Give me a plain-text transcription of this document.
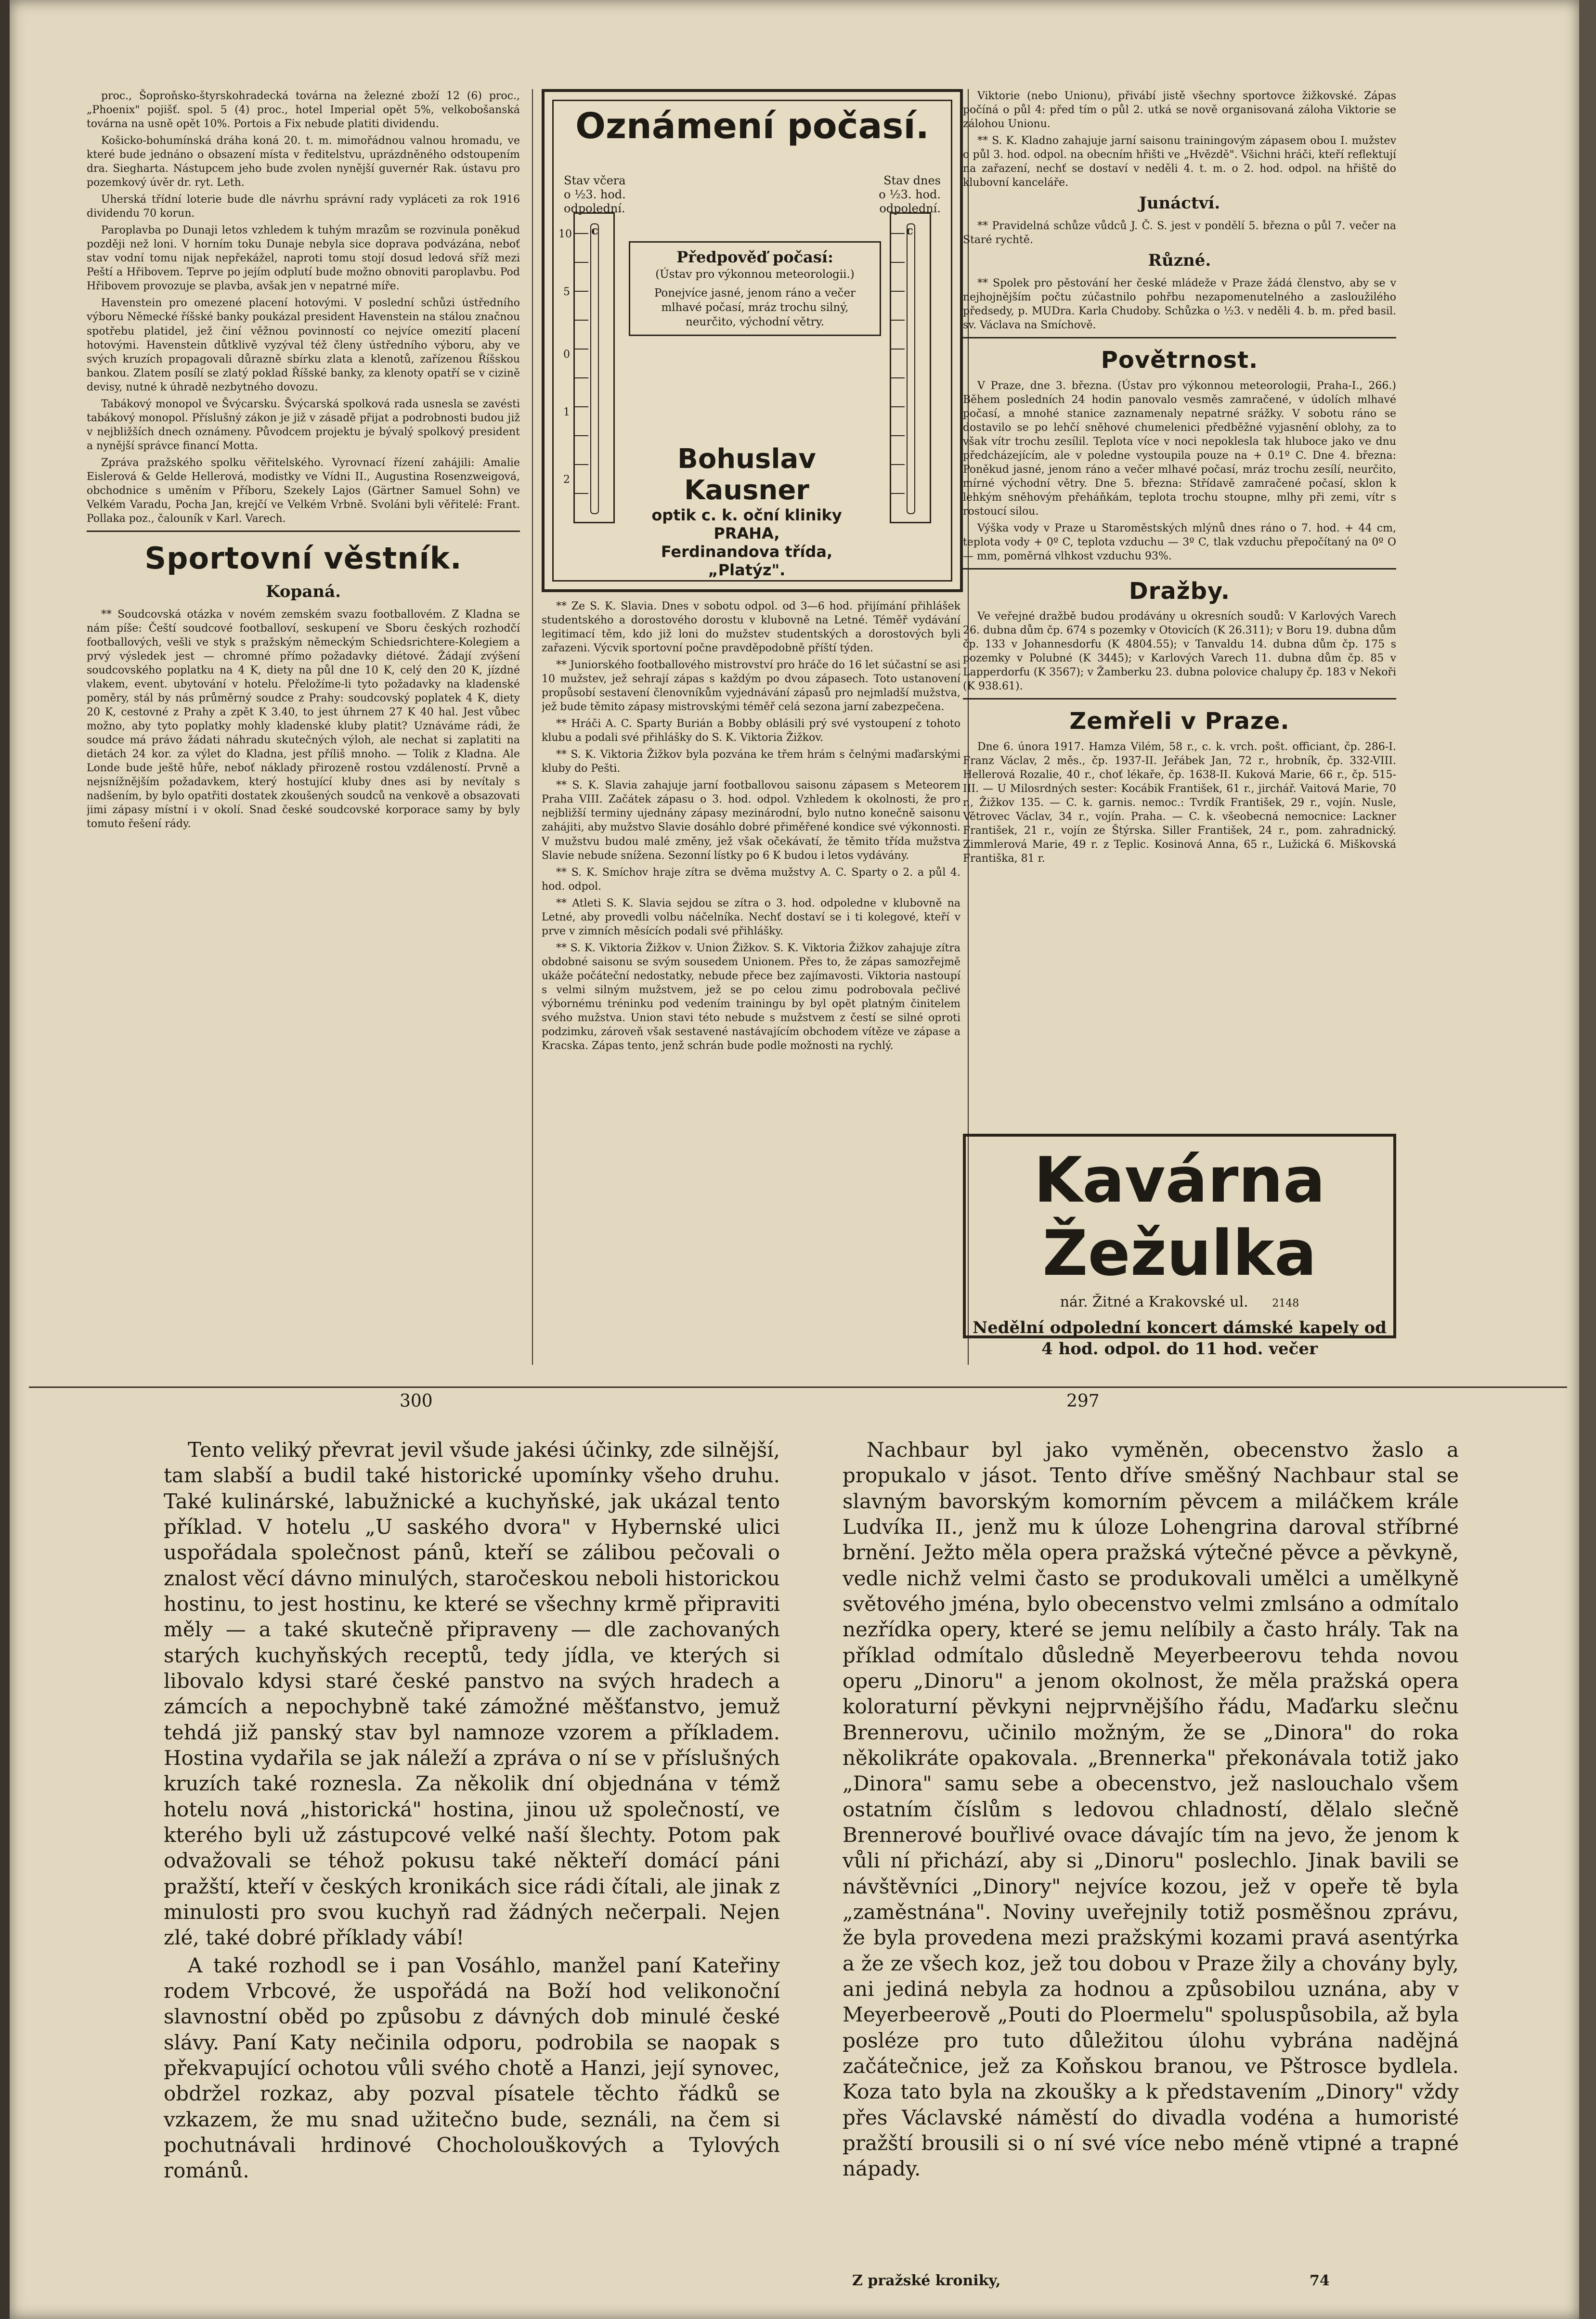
proc., Šoproňsko-štyrskohradecká továrna na železné zboží 12 (6) proc., „Phoenix" pojišť. spol. 5 (4) proc., hotel Imperial opět 5%, velkobošanská továrna na usně opět 10%. Portois a Fix nebude platiti dividendu.

Košicko-bohumínská dráha koná 20. t. m. mimořádnou valnou hromadu, ve které bude jednáno o obsazení místa v ředitelstvu, uprázdněného odstoupením dra. Siegharta. Nástupcem jeho bude zvolen nynější guvernér Rak. ústavu pro pozemkový úvěr dr. ryt. Leth.

Uherská třídní loterie bude dle návrhu správní rady vypláceti za rok 1916 dividendu 70 korun.

Paroplavba po Dunaji letos vzhledem k tuhým mrazům se rozvinula poněkud později než loni. V horním toku Dunaje nebyla sice doprava podvázána, neboť stav vodní tomu nijak nepřekážel, naproti tomu stojí dosud ledová sříž mezi Peští a Hřibovem. Teprve po jejím odplutí bude možno obnoviti paroplavbu. Pod Hřibovem provozuje se plavba, avšak jen v nepatrné míře.

Havenstein pro omezené placení hotovými. V poslední schůzi ústředního výboru Německé říšské banky poukázal president Havenstein na stálou značnou spotřebu platidel, jež činí věžnou povinností co nejvíce omezití placení hotovými. Havenstein důtklivě vyzýval též členy ústředního výboru, aby ve svých kruzích propagovali důrazně sbírku zlata a klenotů, zařízenou Říšskou bankou. Zlatem posílí se zlatý poklad Říšské banky, za klenoty opatří se v cizině devisy, nutné k úhradě nezbytného dovozu.

Tabákový monopol ve Švýcarsku. Švýcarská spolková rada usnesla se zavésti tabákový monopol. Příslušný zákon je již v zásadě přijat a podrobnosti budou již v nejbližších dnech oznámeny. Původcem projektu je bývalý spolkový president a nynější správce financí Motta.

Zpráva pražského spolku věřitelského. Vyrovnací řízení zahájili: Amalie Eislerová & Gelde Hellerová, modistky ve Vídni II., Augustina Rosenzweigová, obchodnice s uměním v Příboru, Szekely Lajos (Gärtner Samuel Sohn) ve Velkém Varadu, Pocha Jan, krejčí ve Velkém Vrbně. Svoláni byli věřitelé: Frant. Pollaka poz., čalouník v Karl. Varech.

Sportovní věstník.
Kopaná.

** Soudcovská otázka v novém zemském svazu footballovém. Z Kladna se nám píše: Čeští soudcové footballoví, seskupení ve Sboru českých rozhodčí footballových, vešli ve styk s pražským německým Schiedsrichtere-Kolegiem a prvý výsledek jest — chromné přímo požadavky diétové. Žádají zvýšení soudcovského poplatku na 4 K, diety na půl dne 10 K, celý den 20 K, jízdné vlakem, event. ubytování v hotelu. Přeložíme-li tyto požadavky na kladenské poměry, stál by nás průměrný soudce z Prahy: soudcovský poplatek 4 K, diety 20 K, cestovné z Prahy a zpět K 3.40, to jest úhrnem 27 K 40 hal. Jest vůbec možno, aby tyto poplatky mohly kladenské kluby platit? Uznáváme rádi, že soudce má právo žádati náhradu skutečných výloh, ale nechat si zaplatiti na dietách 24 kor. za výlet do Kladna, jest příliš mnoho. — Tolik z Kladna. Ale Londe bude ještě hůře, neboť náklady přirozeně rostou vzdáleností. Prvně a nejsnížnějším požadavkem, který hostující kluby dnes asi by nevítaly s nadšením, by bylo opatřiti dostatek zkoušených soudců na venkově a obsazovati jimi zápasy místní i v okolí. Snad české soudcovské korporace samy by byly tomuto řešení rády.

Oznámení počasí.
Stav včera
o ½3. hod.
odpolední.
c
Stav dnes
o ½3. hod.
odpolední.
c
10
5
0
1
2
Předpověď počasí:
(Ústav pro výkonnou meteorologii.)
Ponejvíce jasné, jenom ráno a večer mlhavé počasí, mráz trochu silný, neurčito, východní větry.
Bohuslav Kausner
optik c. k. oční kliniky
PRAHA,
Ferdinandova třída,
„Platýz".

** Ze S. K. Slavia. Dnes v sobotu odpol. od 3—6 hod. přijímání přihlášek studentského a dorostového dorostu v klubovně na Letné. Téměř vydávání legitimací těm, kdo již loni do mužstev studentských a dorostových byli zařazeni. Výcvik sportovní počne pravděpodobně příští týden.

** Juniorského footballového mistrovství pro hráče do 16 let súčastní se asi 10 mužstev, jež sehrají zápas s každým po dvou zápasech. Toto ustanovení propůsobí sestavení členovníkům vyjednávání zápasů pro nejmladší mužstva, jež bude těmito zápasy mistrovskými téměř celá sezona jarní zabezpečena.

** Hráči A. C. Sparty Burián a Bobby oblásili prý své vystoupení z tohoto klubu a podali své přihlášky do S. K. Viktoria Žižkov.

** S. K. Viktoria Žižkov byla pozvána ke třem hrám s čelnými maďarskými kluby do Pešti.

** S. K. Slavia zahajuje jarní footballovou saisonu zápasem s Meteorem Praha VIII. Začátek zápasu o 3. hod. odpol. Vzhledem k okolnosti, že pro nejbližší terminy ujednány zápasy mezinárodní, bylo nutno konečně saisonu zahájiti, aby mužstvo Slavie dosáhlo dobré přiměřené kondice své výkonnosti. V mužstvu budou malé změny, jež však očekávatí, že těmito třída mužstva Slavie nebude snížena. Sezonní lístky po 6 K budou i letos vydávány.

** S. K. Smíchov hraje zítra se dvěma mužstvy A. C. Sparty o 2. a půl 4. hod. odpol.

** Atleti S. K. Slavia sejdou se zítra o 3. hod. odpoledne v klubovně na Letné, aby provedli volbu náčelníka. Nechť dostaví se i ti kolegové, kteří v prve v zimních měsících podali své přihlášky.

** S. K. Viktoria Žižkov v. Union Žižkov. S. K. Viktoria Žižkov zahajuje zítra obdobné saisonu se svým sousedem Unionem. Přes to, že zápas samozřejmě ukáže počáteční nedostatky, nebude přece bez zajímavosti. Viktoria nastoupí s velmi silným mužstvem, jež se po celou zimu podrobovala pečlivé výbornému tréninku pod vedením trainingu by byl opět platným činitelem svého mužstva. Union stavi této nebude s mužstvem z čestí se silné oproti podzimku, zároveň však sestavené nastávajícím obchodem vítěze ve zápase a Kracska. Zápas tento, jenž schrán bude podle možnosti na rychlý.

Viktorie (nebo Unionu), přivábí jistě všechny sportovce žižkovské. Zápas počíná o půl 4: před tím o půl 2. utká se nově organisovaná záloha Viktorie se zálohou Unionu.

** S. K. Kladno zahajuje jarní saisonu trainingovým zápasem obou I. mužstev o půl 3. hod. odpol. na obecním hřišti ve „Hvězdě". Všichni hráči, kteří reflektují na zařazení, nechť se dostaví v neděli 4. t. m. o 2. hod. odpol. na hřiště do klubovní kanceláře.

Junáctví.

** Pravidelná schůze vůdců J. Č. S. jest v pondělí 5. března o půl 7. večer na Staré rychtě.

Různé.

** Spolek pro pěstování her české mládeže v Praze žádá členstvo, aby se v nejhojnějším počtu zúčastnilo pohřbu nezapomenutelného a zasloužilého předsedy, p. MUDra. Karla Chudoby. Schůzka o ½3. v neděli 4. b. m. před basil. sv. Václava na Smíchově.

Povětrnost.

V Praze, dne 3. března. (Ústav pro výkonnou meteorologii, Praha-I., 266.) Během posledních 24 hodin panovalo vesměs zamračené, v údolích mlhavé počasí, a mnohé stanice zaznamenaly nepatrné srážky. V sobotu ráno se dostavilo se po lehčí sněhové chumelenici předběžné vyjasnění oblohy, za to však vítr trochu zesílil. Teplota více v noci nepoklesla tak hluboce jako ve dnu předcházejícím, ale v poledne vystoupila pouze na + 0.1º C. Dne 4. března: Poněkud jasné, jenom ráno a večer mlhavé počasí, mráz trochu zesílí, neurčito, mírné východní větry. Dne 5. března: Střídavě zamračené počasí, sklon k lehkým sněhovým přeháňkám, teplota trochu stoupne, mlhy při zemi, vítr s rostoucí silou.

Výška vody v Praze u Staroměstských mlýnů dnes ráno o 7. hod. + 44 cm, teplota vody + 0º C, teplota vzduchu — 3º C, tlak vzduchu přepočítaný na 0º O — mm, poměrná vlhkost vzduchu 93%.

Dražby.

Ve veřejné dražbě budou prodávány u okresních soudů: V Karlových Varech 26. dubna dům čp. 674 s pozemky v Otovicích (K 26.311); v Boru 19. dubna dům čp. 133 v Johannesdorfu (K 4804.55); v Tanvaldu 14. dubna dům čp. 175 s pozemky v Polubné (K 3445); v Karlových Varech 11. dubna dům čp. 85 v Lapperdorfu (K 3567); v Žamberku 23. dubna polovice chalupy čp. 183 v Nekoři (K 938.61).

Zemřeli v Praze.

Dne 6. února 1917. Hamza Vilém, 58 r., c. k. vrch. pošt. officiant, čp. 286-I. Franz Václav, 2 měs., čp. 1937-II. Jeřábek Jan, 72 r., hrobník, čp. 332-VIII. Hellerová Rozalie, 40 r., choť lékaře, čp. 1638-II. Kuková Marie, 66 r., čp. 515-III. — U Milosrdných sester: Kocábik František, 61 r., jirchář. Vaitová Marie, 70 r., Žižkov 135. — C. k. garnis. nemoc.: Tvrdík František, 29 r., vojín. Nusle, Větrovec Václav, 34 r., vojín. Praha. — C. k. všeobecná nemocnice: Lackner František, 21 r., vojín ze Štýrska. Siller František, 24 r., pom. zahradnický. Zimmlerová Marie, 49 r. z Teplic. Kosinová Anna, 65 r., Lužická 6. Miškovská Františka, 81 r.

Kavárna Žežulka
nár. Žitné a Krakovské ul. 2148
Nedělní odpolední koncert dámské kapely od 4 hod. odpol. do 11 hod. večer
300	297

Tento veliký převrat jevil všude jakési účinky, zde silnější, tam slabší a budil také historické upomínky všeho druhu. Také kulinárské, labužnické a kuchyňské, jak ukázal tento příklad. V hotelu „U saského dvora" v Hybernské ulici uspořádala společnost pánů, kteří se zálibou pečovali o znalost věcí dávno minulých, staročeskou neboli historickou hostinu, to jest hostinu, ke které se všechny krmě připraviti měly — a také skutečně připraveny — dle zachovaných starých kuchyňských receptů, tedy jídla, ve kterých si libovalo kdysi staré české panstvo na svých hradech a zámcích a nepochybně také zámožné měšťanstvo, jemuž tehdá již panský stav byl namnoze vzorem a příkladem. Hostina vydařila se jak náleží a zpráva o ní se v příslušných kruzích také roznesla. Za několik dní objednána v témž hotelu nová „historická" hostina, jinou už společností, ve kterého byli už zástupcové velké naší šlechty. Potom pak odvažovali se téhož pokusu také někteří domácí páni pražští, kteří v českých kronikách sice rádi čítali, ale jinak z minulosti pro svou kuchyň rad žádných nečerpali. Nejen zlé, také dobré příklady vábí!

A také rozhodl se i pan Vosáhlo, manžel paní Kateřiny rodem Vrbcové, že uspořádá na Boží hod velikonoční slavnostní oběd po způsobu z dávných dob minulé české slávy. Paní Katy nečinila odporu, podrobila se naopak s překvapující ochotou vůli svého chotě a Hanzi, její synovec, obdržel rozkaz, aby pozval písatele těchto řádků se vzkazem, že mu snad užitečno bude, seználi, na čem si pochutnávali hrdinové Chocholouškových a Tylových románů.

Nachbaur byl jako vyměněn, obecenstvo žaslo a propukalo v jásot. Tento dříve směšný Nachbaur stal se slavným bavorským komorním pěvcem a miláčkem krále Ludvíka II., jenž mu k úloze Lohengrina daroval stříbrné brnění. Ježto měla opera pražská výtečné pěvce a pěvkyně, vedle nichž velmi často se produkovali umělci a umělkyně světového jména, bylo obecenstvo velmi zmlsáno a odmítalo nezřídka opery, které se jemu nelíbily a často hrály. Tak na příklad odmítalo důsledně Meyerbeerovu tehda novou operu „Dinoru" a jenom okolnost, že měla pražská opera koloraturní pěvkyni nejprvnějšího řádu, Maďarku slečnu Brennerovu, učinilo možným, že se „Dinora" do roka několikráte opakovala. „Brennerka" překonávala totiž jako „Dinora" samu sebe a obecenstvo, jež naslouchalo všem ostatním číslům s ledovou chladností, dělalo slečně Brennerové bouřlivé ovace dávajíc tím na jevo, že jenom k vůli ní přichází, aby si „Dinoru" poslechlo. Jinak bavili se návštěvníci „Dinory" nejvíce kozou, jež v opeře tě byla „zaměstnána". Noviny uveřejnily totiž posměšnou zprávu, že byla provedena mezi pražskými kozami pravá asentýrka a že ze všech koz, jež tou dobou v Praze žily a chovány byly, ani jediná nebyla za hodnou a způsobilou uznána, aby v Meyerbeerově „Pouti do Ploermelu" spoluspůsobila, až byla posléze pro tuto důležitou úlohu vybrána nadějná začátečnice, jež za Koňskou branou, ve Pštrosce bydlela. Koza tato byla na zkoušky a k představením „Dinory" vždy přes Václavské náměstí do divadla vodéna a humoristé pražští brousili si o ní své více nebo méně vtipné a trapné nápady.

Z pražské kroniky,	74
